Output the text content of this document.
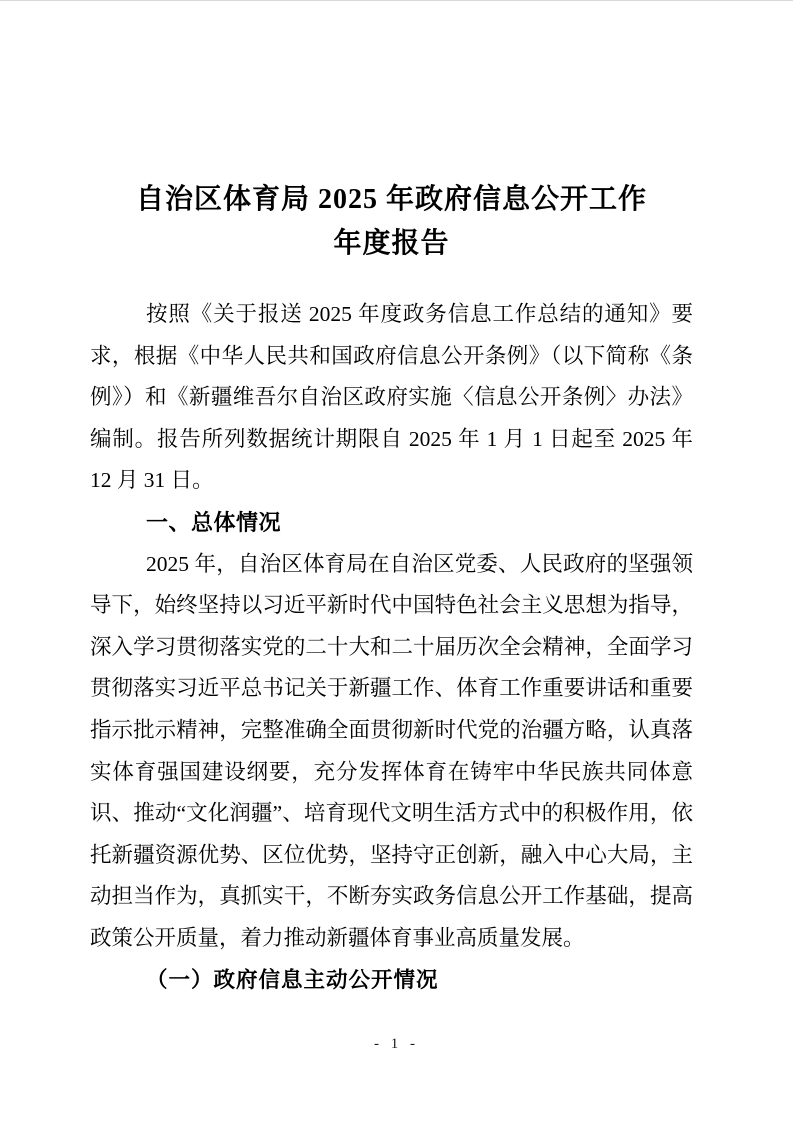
自治区体育局 2025 年政府信息公开工作
年度报告

按照《关于报送 2025 年度政务信息工作总结的通知》要求，根据《中华人民共和国政府信息公开条例》（以下简称《条例》）和《新疆维吾尔自治区政府实施〈信息公开条例〉办法》编制。报告所列数据统计期限自 2025 年 1 月 1 日起至 2025 年 12 月 31 日。

一、总体情况

2025 年，自治区体育局在自治区党委、人民政府的坚强领导下，始终坚持以习近平新时代中国特色社会主义思想为指导，深入学习贯彻落实党的二十大和二十届历次全会精神，全面学习贯彻落实习近平总书记关于新疆工作、体育工作重要讲话和重要指示批示精神，完整准确全面贯彻新时代党的治疆方略，认真落实体育强国建设纲要，充分发挥体育在铸牢中华民族共同体意识、推动“文化润疆”、培育现代文明生活方式中的积极作用，依托新疆资源优势、区位优势，坚持守正创新，融入中心大局，主动担当作为，真抓实干，不断夯实政务信息公开工作基础，提高政策公开质量，着力推动新疆体育事业高质量发展。

（一）政府信息主动公开情况
- 1 -
